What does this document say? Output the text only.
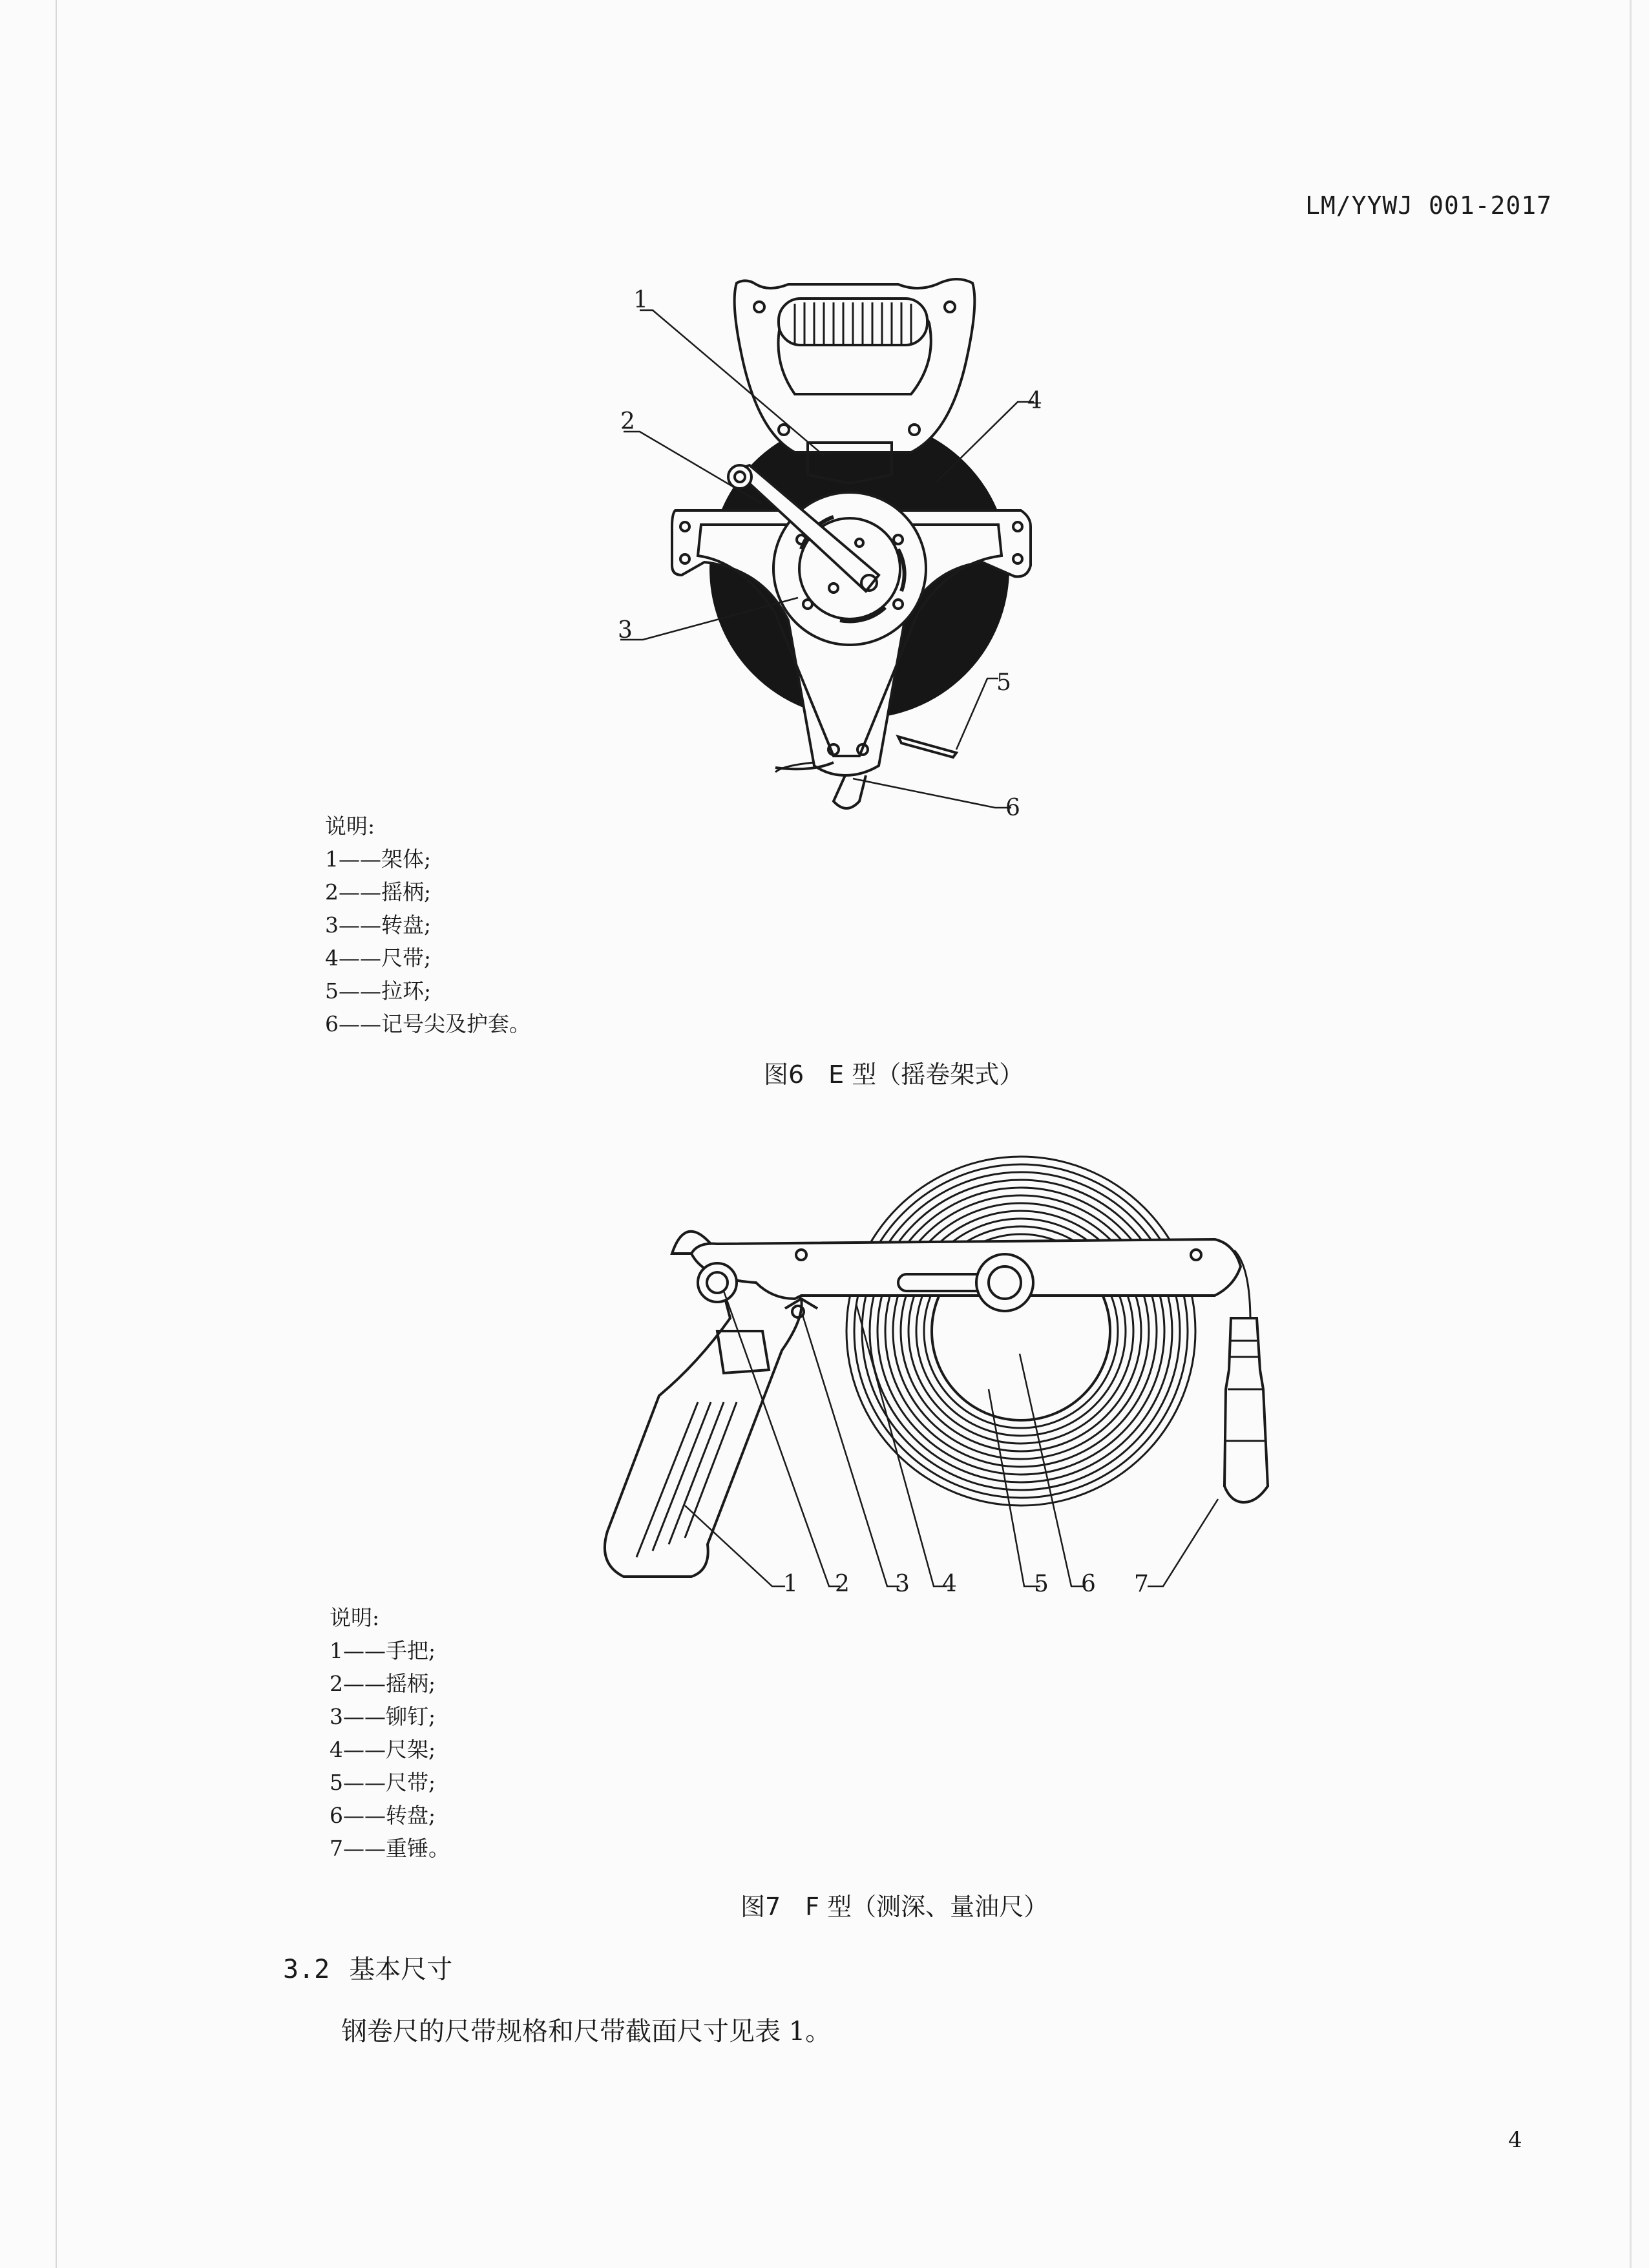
LM/YYWJ 001-2017
1
2
3
4
5
6
说明:
1——架体;
2——摇柄;
3——转盘;
4——尺带;
5——拉环;
6——记号尖及护套。
图6　E 型（摇卷架式）
1 2 3 4	5 6 7
说明:
1——手把;
2——摇柄;
3——铆钉;
4——尺架;
5——尺带;
6——转盘;
7——重锤。
图7　F 型（测深、量油尺）
3.2 基本尺寸
钢卷尺的尺带规格和尺带截面尺寸见表 1。
4
